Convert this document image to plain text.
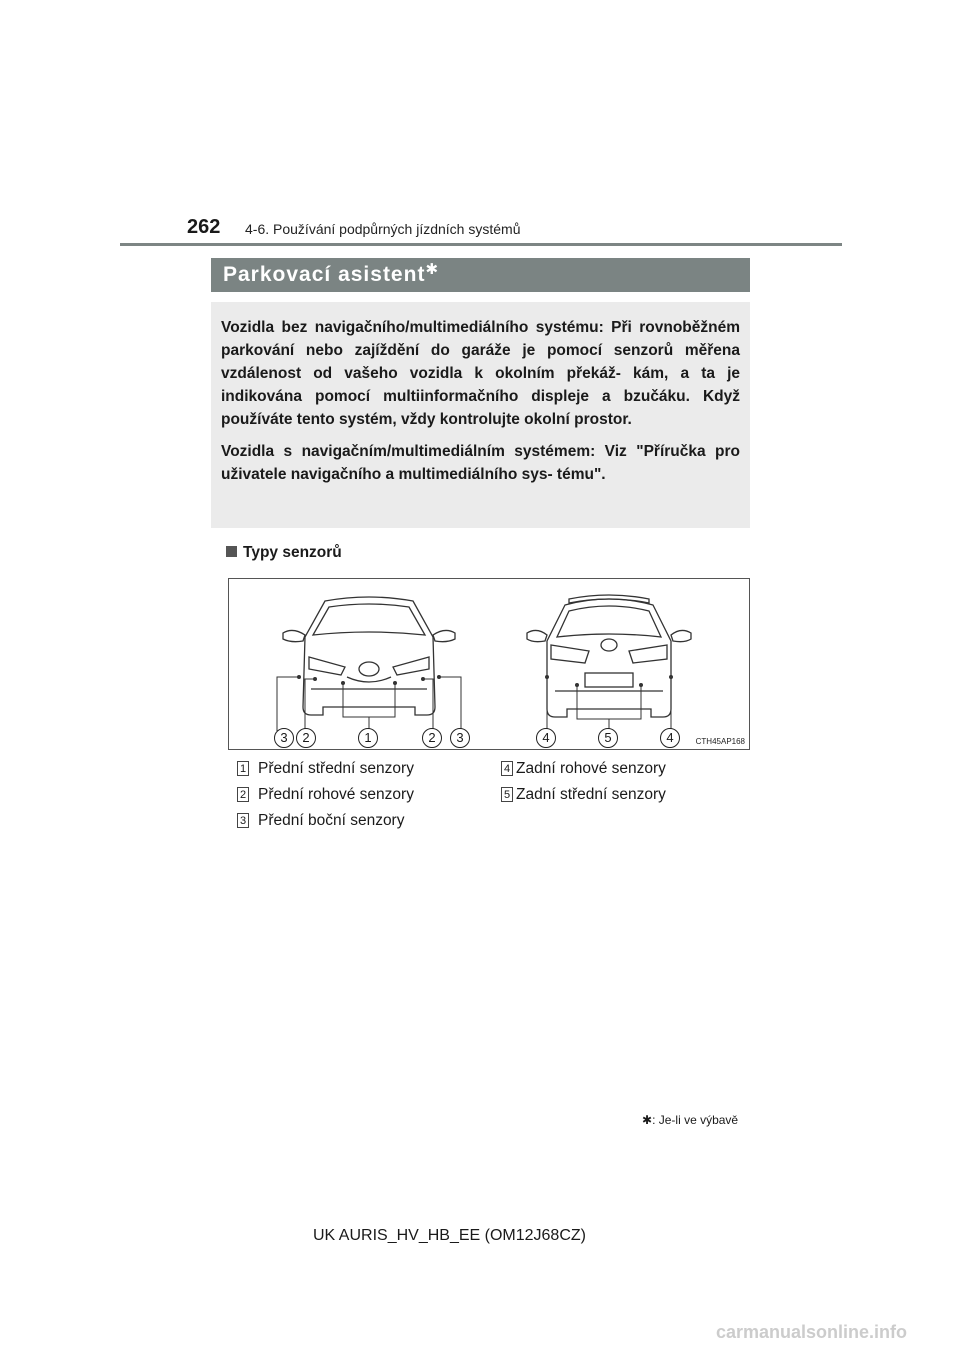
262 4-6. Používání podpůrných jízdních systémů
Parkovací asistent ✱

Vozidla bez navigačního/multimediálního systému: Při rovnoběžném parkování nebo zajíždění do garáže je pomocí senzorů měřena vzdálenost od vašeho vozidla k okolním překáž- kám, a ta je indikována pomocí multiinformačního displeje a bzučáku. Když používáte tento systém, vždy kontrolujte okolní prostor.

Vozidla s navigačním/multimediálním systémem: Viz "Příručka pro uživatele navigačního a multimediálního sys- tému".

Typy senzorů
CTH45AP168
3	2	1	2	3	4	5	4
1 Přední střední senzory
2 Přední rohové senzory
3 Přední boční senzory
4 Zadní rohové senzory
5 Zadní střední senzory
✱: Je-li ve výbavě
UK AURIS_HV_HB_EE (OM12J68CZ)
carmanualsonline.info
